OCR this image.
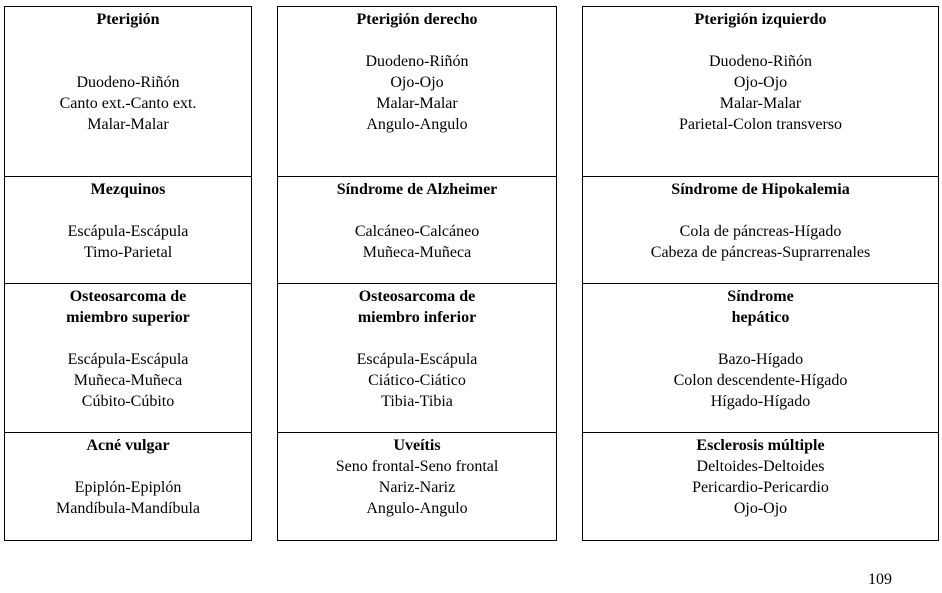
Pterigión

Duodeno-Riñón
Canto ext.-Canto ext.
Malar-Malar

Mezquinos

Escápula-Escápula
Timo-Parietal

Osteosarcoma de
miembro superior

Escápula-Escápula
Muñeca-Muñeca
Cúbito-Cúbito

Acné vulgar

Epiplón-Epiplón
Mandíbula-Mandíbula

Pterigión derecho

Duodeno-Riñón
Ojo-Ojo
Malar-Malar
Angulo-Angulo

Síndrome de Alzheimer

Calcáneo-Calcáneo
Muñeca-Muñeca

Osteosarcoma de
miembro inferior

Escápula-Escápula
Ciático-Ciático
Tibia-Tibia

Uveítis

Seno frontal-Seno frontal
Nariz-Nariz
Angulo-Angulo

Pterigión izquierdo

Duodeno-Riñón
Ojo-Ojo
Malar-Malar
Parietal-Colon transverso

Síndrome de Hipokalemia

Cola de páncreas-Hígado
Cabeza de páncreas-Suprarrenales

Síndrome
hepático

Bazo-Hígado
Colon descendente-Hígado
Hígado-Hígado

Esclerosis múltiple

Deltoides-Deltoides
Pericardio-Pericardio
Ojo-Ojo

109
